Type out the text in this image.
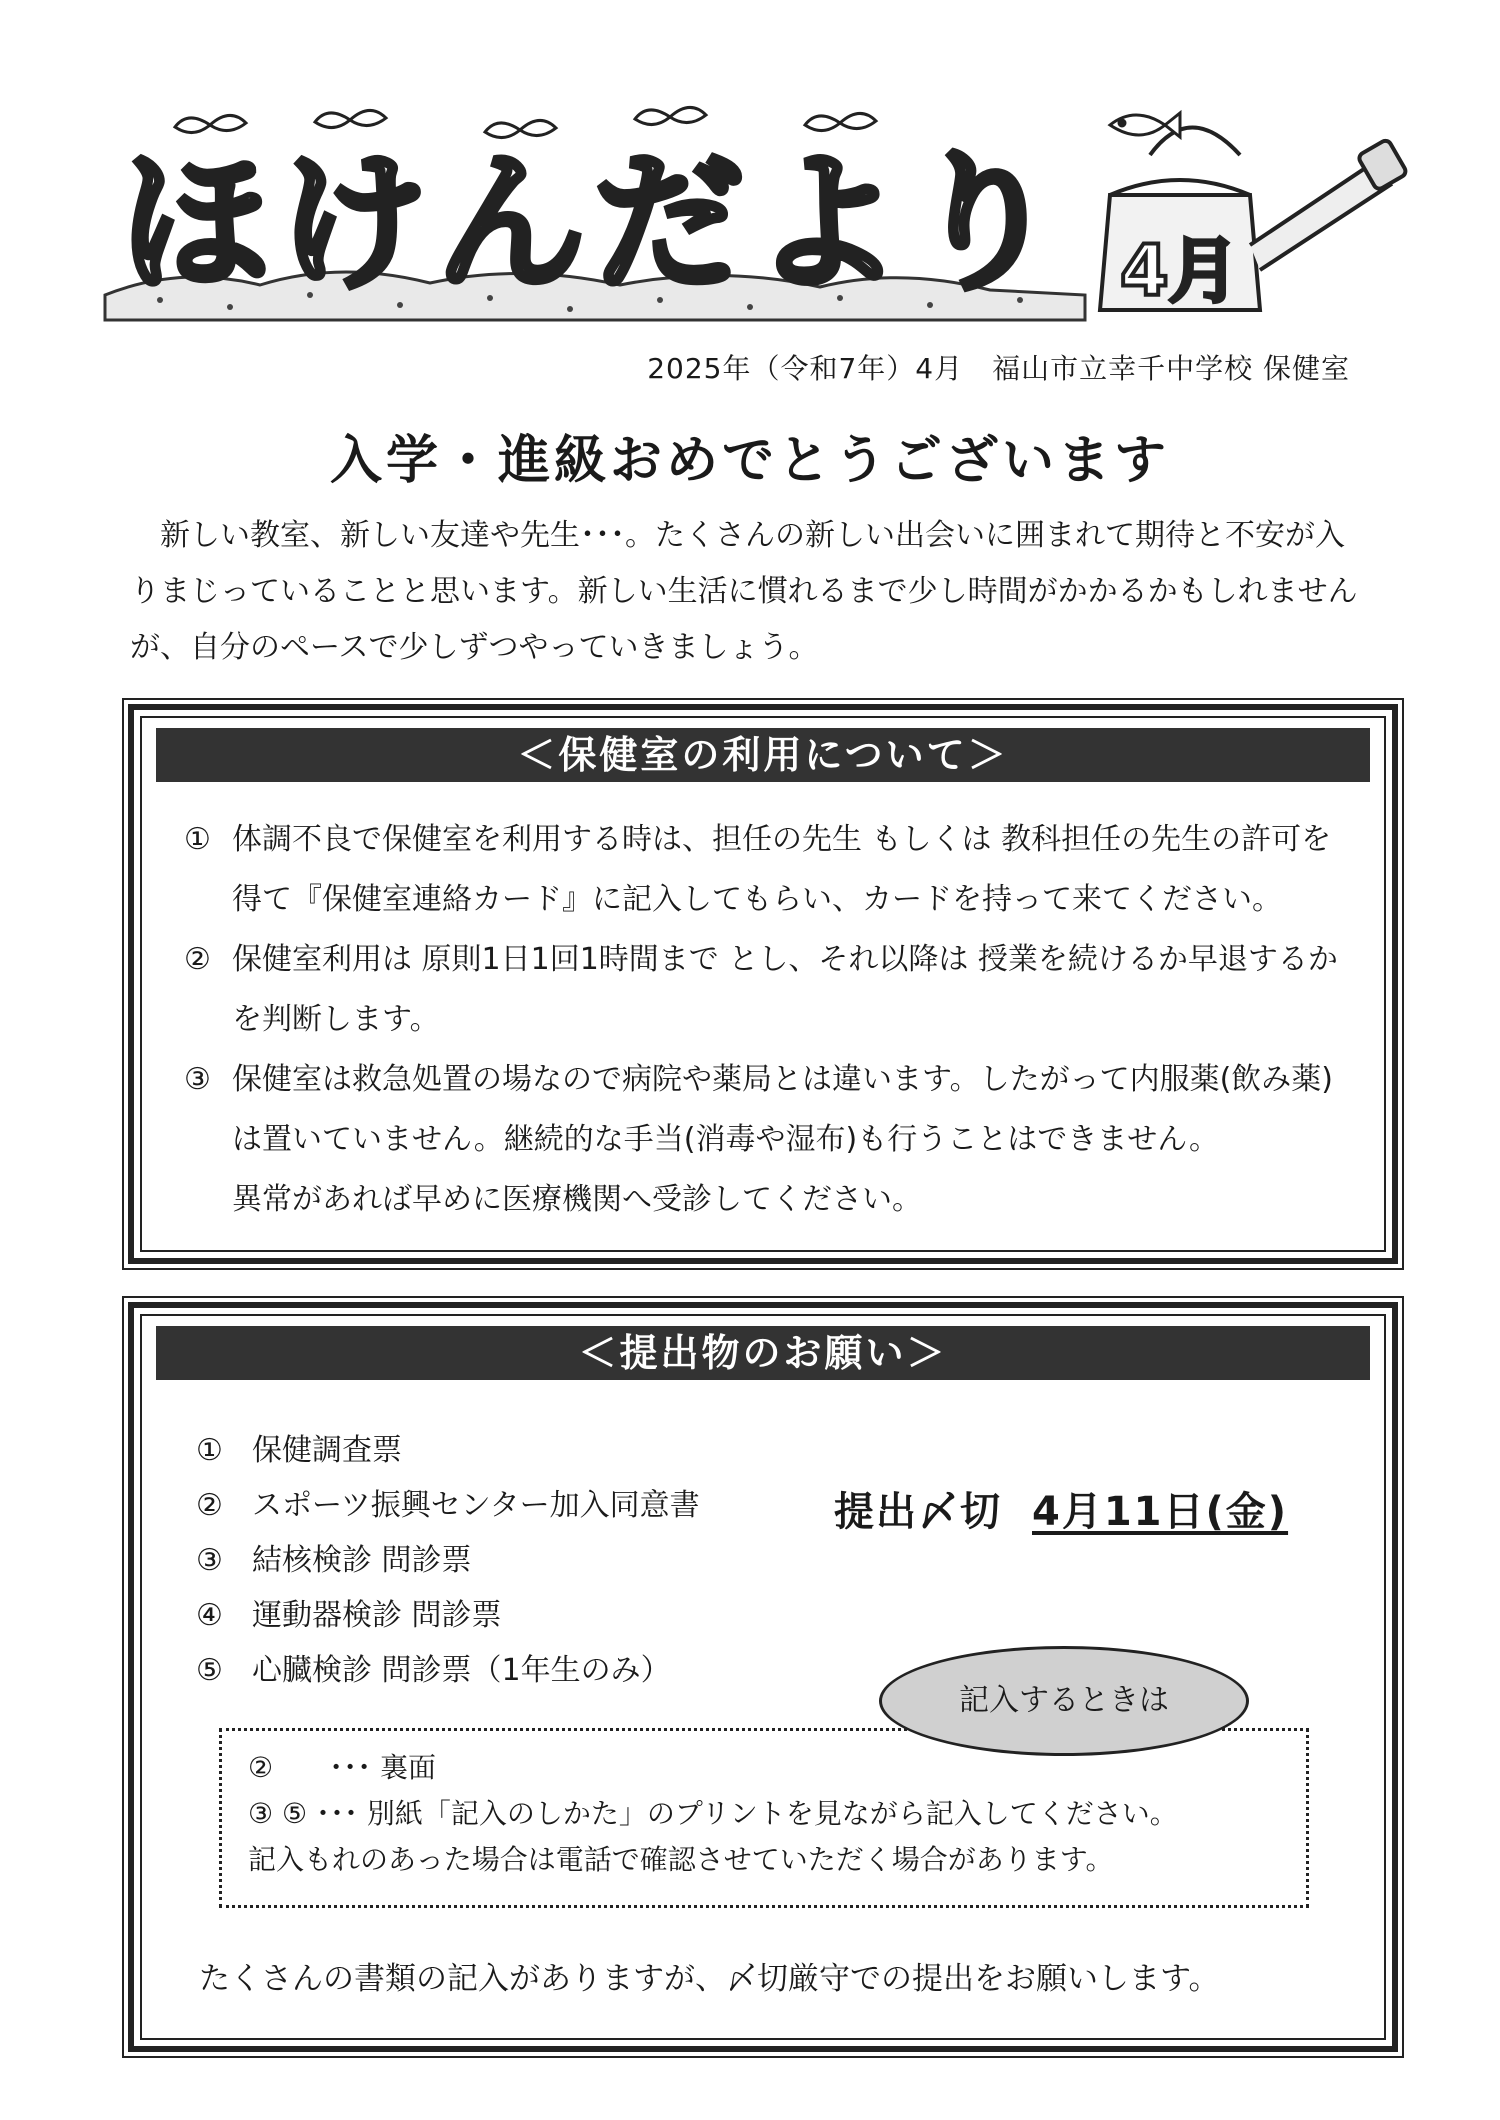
ほけんだより 4月
2025年（令和7年）4月　福山市立幸千中学校 保健室
入学・進級おめでとうございます

新しい教室、新しい友達や先生･･･。たくさんの新しい出会いに囲まれて期待と不安が入りまじっていることと思います。新しい生活に慣れるまで少し時間がかかるかもしれませんが、自分のペースで少しずつやっていきましょう。

＜保健室の利用について＞
① 体調不良で保健室を利用する時は、担任の先生 もしくは 教科担任の先生の許可を得て『保健室連絡カード』に記入してもらい、カードを持って来てください。
② 保健室利用は 原則1日1回1時間まで とし、それ以降は 授業を続けるか早退するかを判断します。
③ 保健室は救急処置の場なので病院や薬局とは違います。したがって内服薬(飲み薬)は置いていません。継続的な手当(消毒や湿布)も行うことはできません。
異常があれば早めに医療機関へ受診してください。
＜提出物のお願い＞
① 保健調査票
② スポーツ振興センター加入同意書
③ 結核検診 問診票
④ 運動器検診 問診票
⑤ 心臓検診 問診票（1年生のみ）
提出〆切 4月11日(金)

②　　･･･ 裏面

③ ⑤ ･･･ 別紙「記入のしかた」のプリントを見ながら記入してください。

記入もれのあった場合は電話で確認させていただく場合があります。

記入するときは
たくさんの書類の記入がありますが、〆切厳守での提出をお願いします。
